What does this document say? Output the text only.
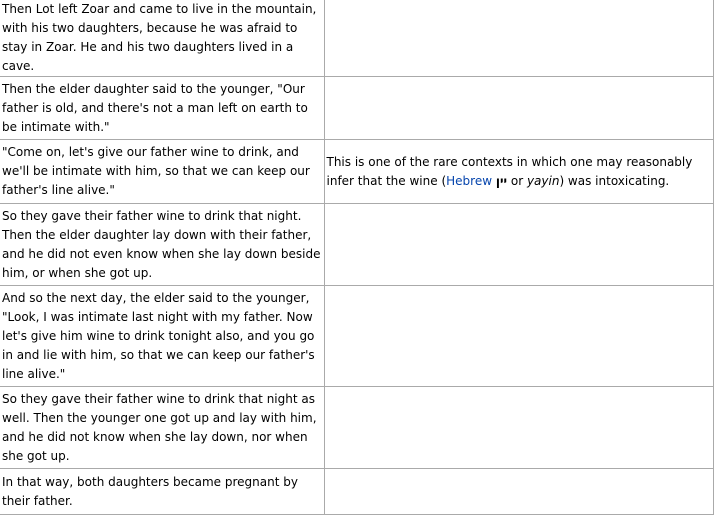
Then Lot left Zoar and came to live in the mountain, with his two daughters, because he was afraid to stay in Zoar. He and his two daughters lived in a cave.	
Then the elder daughter said to the younger, "Our father is old, and there's not a man left on earth to be intimate with."	
"Come on, let's give our father wine to drink, and we'll be intimate with him, so that we can keep our father's line alive."	This is one of the rare contexts in which one may reasonably infer that the wine (Hebrew יין or yayin) was intoxicating.
So they gave their father wine to drink that night. Then the elder daughter lay down with their father, and he did not even know when she lay down beside him, or when she got up.	
And so the next day, the elder said to the younger, "Look, I was intimate last night with my father. Now let's give him wine to drink tonight also, and you go in and lie with him, so that we can keep our father's line alive."	
So they gave their father wine to drink that night as well. Then the younger one got up and lay with him, and he did not know when she lay down, nor when she got up.	
In that way, both daughters became pregnant by their father.	
